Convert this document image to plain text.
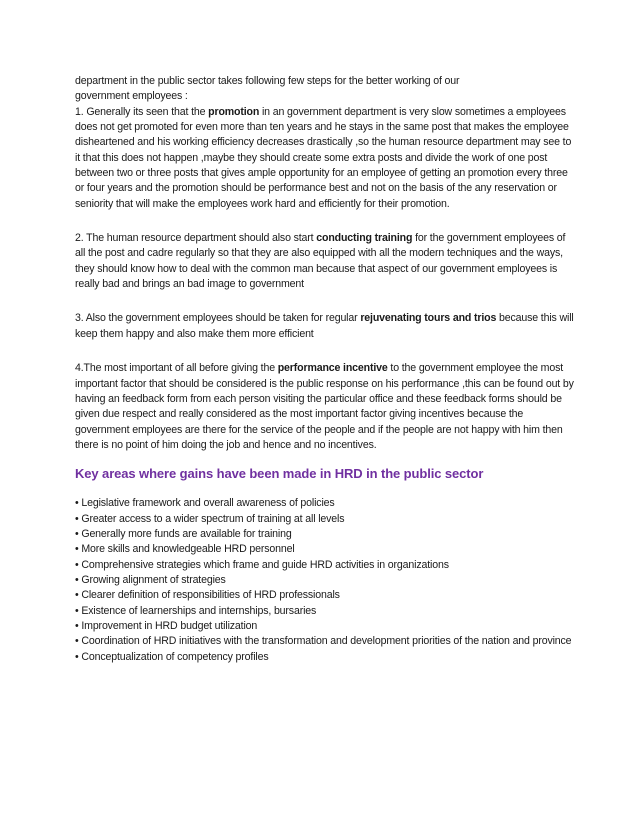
department in the public sector takes following few steps for the better working of our
government employees :

1. Generally its seen that the promotion in an government department is very slow sometimes a employees does not get promoted for even more than ten years and he stays in the same post that makes the employee disheartened and his working efficiency decreases drastically ,so the human resource department may see to it that this does not happen ,maybe they should create some extra posts and divide the work of one post between two or three posts that gives ample opportunity for an employee of getting an promotion every three or four years and the promotion should be performance best and not on the basis of the any reservation or seniority that will make the employees work hard and efficiently for their promotion.

2. The human resource department should also start conducting training for the government employees of all the post and cadre regularly so that they are also equipped with all the modern techniques and the ways, they should know how to deal with the common man because that aspect of our government employees is really bad and brings an bad image to government

3. Also the government employees should be taken for regular rejuvenating tours and trios because this will keep them happy and also make them more efficient

4.The most important of all before giving the performance incentive to the government employee the most important factor that should be considered is the public response on his performance ,this can be found out by having an feedback form from each person visiting the particular office and these feedback forms should be given due respect and really considered as the most important factor giving incentives because the government employees are there for the service of the people and if the people are not happy with him then there is no point of him doing the job and hence and no incentives.

Key areas where gains have been made in HRD in the public sector
• Legislative framework and overall awareness of policies
• Greater access to a wider spectrum of training at all levels
• Generally more funds are available for training
• More skills and knowledgeable HRD personnel
• Comprehensive strategies which frame and guide HRD activities in organizations
• Growing alignment of strategies
• Clearer definition of responsibilities of HRD professionals
• Existence of learnerships and internships, bursaries
• Improvement in HRD budget utilization
• Coordination of HRD initiatives with the transformation and development priorities of the nation and province
• Conceptualization of competency profiles
